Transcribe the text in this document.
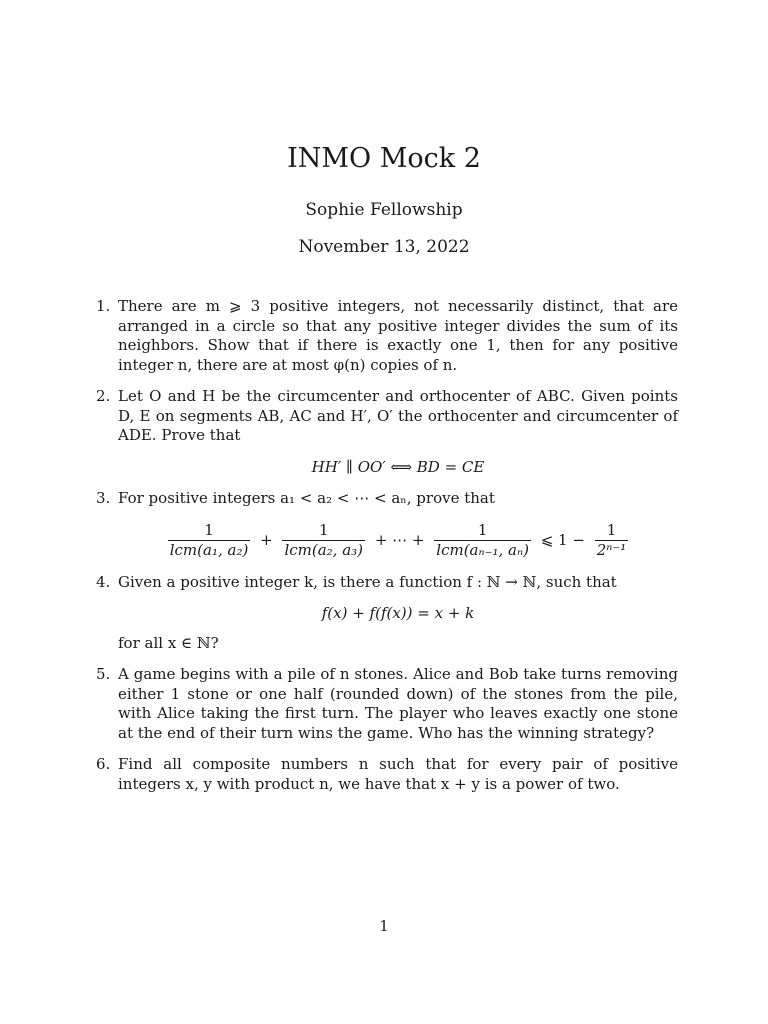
INMO Mock 2
Sophie Fellowship
November 13, 2022
1. There are m ⩾ 3 positive integers, not necessarily distinct, that are arranged in a circle so that any positive integer divides the sum of its neighbors. Show that if there is exactly one 1, then for any positive integer n, there are at most φ(n) copies of n.
2. Let O and H be the circumcenter and orthocenter of ABC. Given points D, E on segments AB, AC and H′, O′ the orthocenter and circumcenter of ADE. Prove that
HH′ ∥ OO′ ⟺ BD = CE
3. For positive integers a₁ < a₂ < ⋯ < aₙ, prove that
$\frac{1}{\text{lcm(a₁, a₂)}} + \frac{1}{\text{lcm(a₂, a₃)}}$ + ⋯ + $\frac{1}{\text{lcm(aₙ₋₁, aₙ)}}$ ⩽ $1 - \frac{1}{\text{2ⁿ⁻¹}}$
4. Given a positive integer k, is there a function f : ℕ → ℕ, such that
f(x) + f(f(x)) = x + k
for all x ∈ ℕ?
5. A game begins with a pile of n stones. Alice and Bob take turns removing either 1 stone or one half (rounded down) of the stones from the pile, with Alice taking the first turn. The player who leaves exactly one stone at the end of their turn wins the game. Who has the winning strategy?
6. Find all composite numbers n such that for every pair of positive integers x, y with product n, we have that x + y is a power of two.
1
